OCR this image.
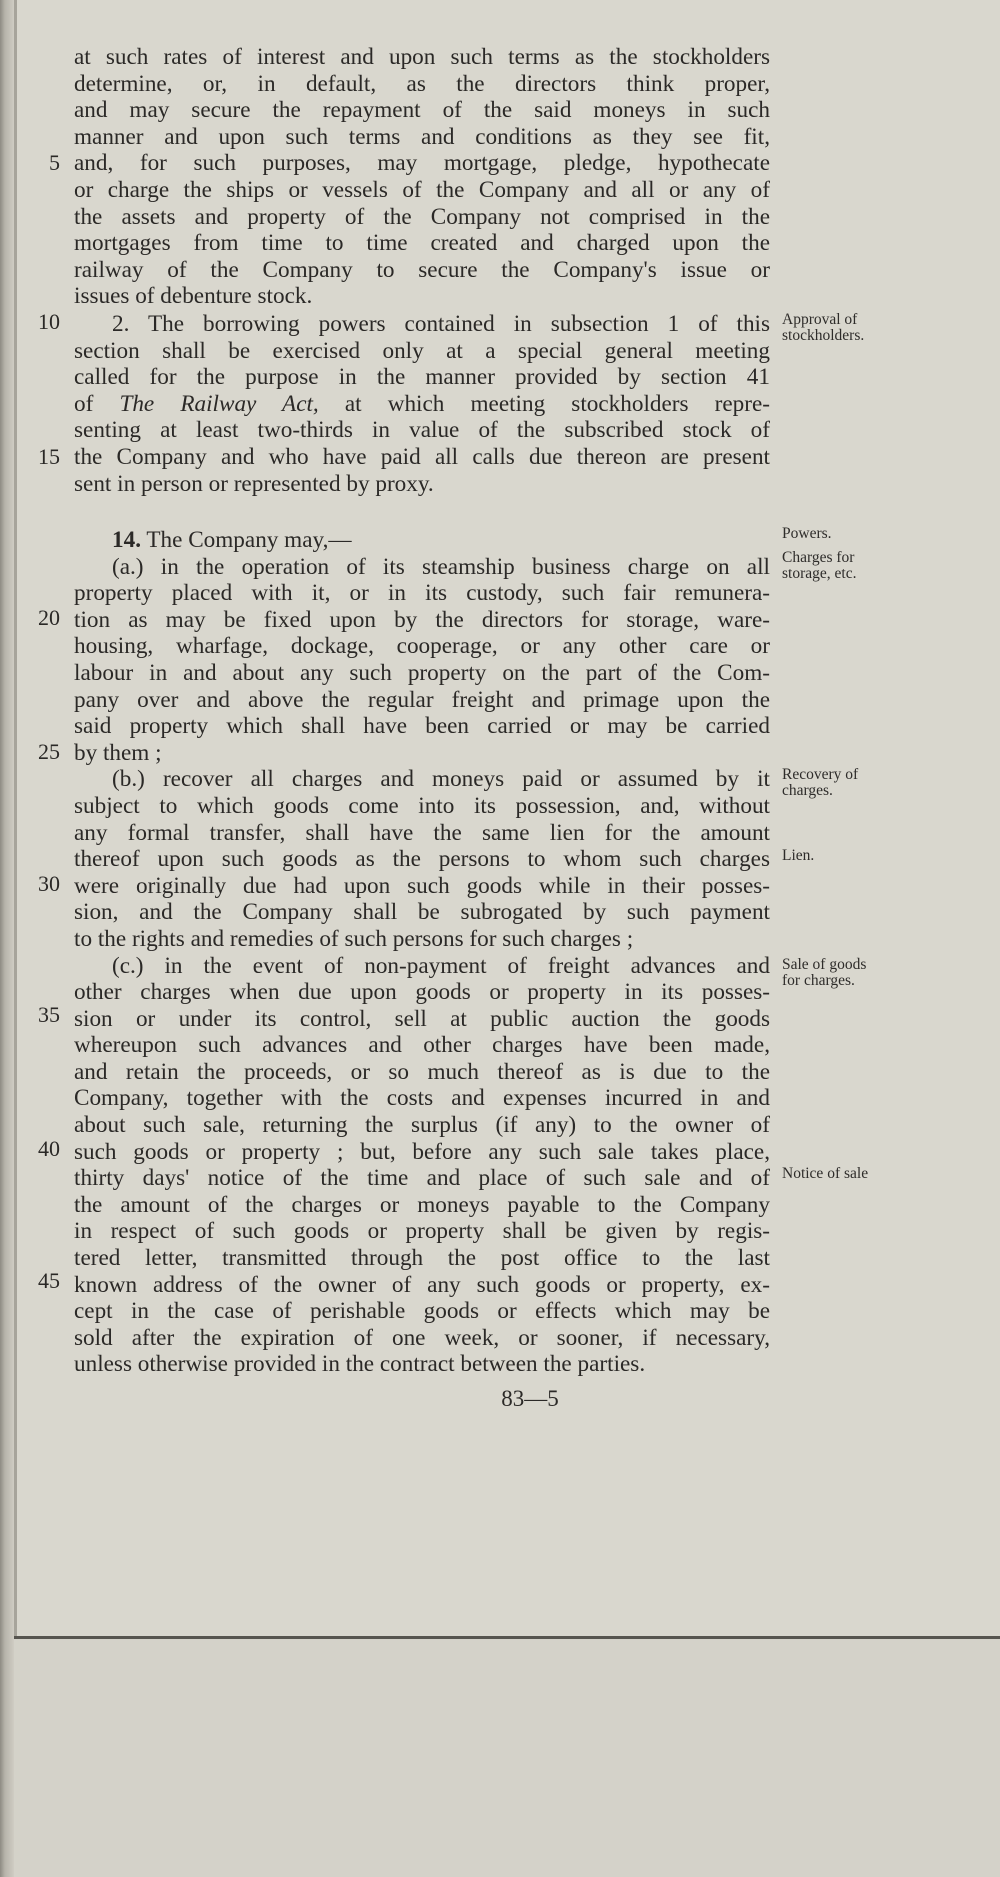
5
10
15
20
25
30
35
40
45
at such rates of interest and upon such terms as the stockholders
determine, or, in default, as the directors think proper,
and may secure the repayment of the said moneys in such
manner and upon such terms and conditions as they see fit,
and, for such purposes, may mortgage, pledge, hypothecate
or charge the ships or vessels of the Company and all or any of
the assets and property of the Company not comprised in the
mortgages from time to time created and charged upon the
railway of the Company to secure the Company's issue or
issues of debenture stock.
2. The borrowing powers contained in subsection 1 of this
section shall be exercised only at a special general meeting
called for the purpose in the manner provided by section 41
of The Railway Act, at which meeting stockholders repre-
senting at least two-thirds in value of the subscribed stock of
the Company and who have paid all calls due thereon are present
sent in person or represented by proxy.
14. The Company may,—
(a.) in the operation of its steamship business charge on all
property placed with it, or in its custody, such fair remunera-
tion as may be fixed upon by the directors for storage, ware-
housing, wharfage, dockage, cooperage, or any other care or
labour in and about any such property on the part of the Com-
pany over and above the regular freight and primage upon the
said property which shall have been carried or may be carried
by them ;
(b.) recover all charges and moneys paid or assumed by it
subject to which goods come into its possession, and, without
any formal transfer, shall have the same lien for the amount
thereof upon such goods as the persons to whom such charges
were originally due had upon such goods while in their posses-
sion, and the Company shall be subrogated by such payment
to the rights and remedies of such persons for such charges ;
(c.) in the event of non-payment of freight advances and
other charges when due upon goods or property in its posses-
sion or under its control, sell at public auction the goods
whereupon such advances and other charges have been made,
and retain the proceeds, or so much thereof as is due to the
Company, together with the costs and expenses incurred in and
about such sale, returning the surplus (if any) to the owner of
such goods or property ; but, before any such sale takes place,
thirty days' notice of the time and place of such sale and of
the amount of the charges or moneys payable to the Company
in respect of such goods or property shall be given by regis-
tered letter, transmitted through the post office to the last
known address of the owner of any such goods or property, ex-
cept in the case of perishable goods or effects which may be
sold after the expiration of one week, or sooner, if necessary,
unless otherwise provided in the contract between the parties.
Approval of
stockholders.
Powers.
Charges for
storage, etc.
Recovery of
charges.
Lien.
Sale of goods
for charges.
Notice of sale
83—5
